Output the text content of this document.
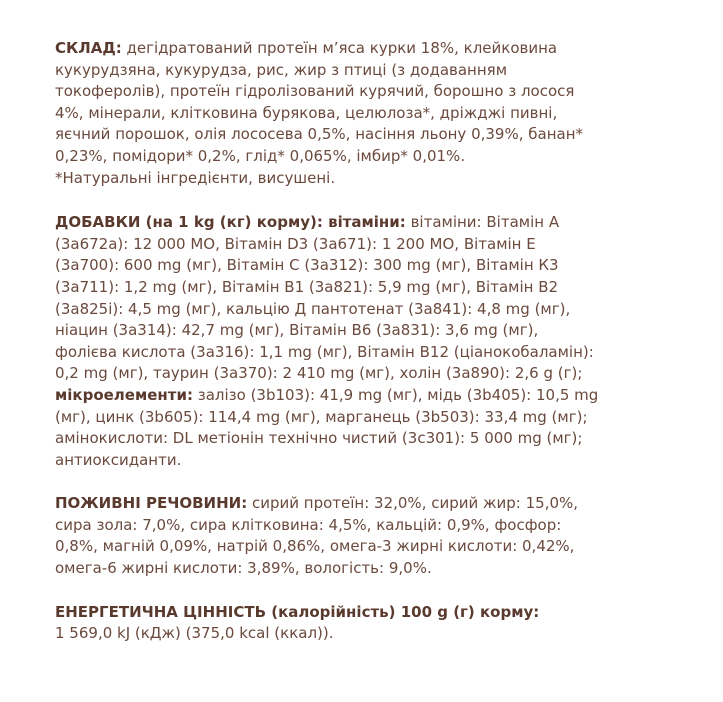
СКЛАД: дегідратований протеїн м’яса курки 18%, клейковина
кукурудзяна, кукурудза, рис, жир з птиці (з додаванням
токоферолів), протеїн гідролізований курячий, борошно з лосося
4%, мінерали, клітковина бурякова, целюлоза*, дріжджі пивні,
яєчний порошок, олія лососева 0,5%, насіння льону 0,39%, банан*
0,23%, помідори* 0,2%, глід* 0,065%, імбир* 0,01%.
*Натуральні інгредієнти, висушені.

ДОБАВКИ (на 1 kg (кг) корму): вітаміни: вітаміни: Вітамін А
(3a672a): 12 000 МО, Вітамін D3 (3a671): 1 200 МО, Вітамін Е
(3a700): 600 mg (мг), Вітамін С (3a312): 300 mg (мг), Вітамін К3
(3a711): 1,2 mg (мг), Вітамін В1 (3a821): 5,9 mg (мг), Вітамін В2
(3a825i): 4,5 mg (мг), кальцію Д пантотенат (3a841): 4,8 mg (мг),
ніацин (3a314): 42,7 mg (мг), Вітамін В6 (3a831): 3,6 mg (мг),
фолієва кислота (3a316): 1,1 mg (мг), Вітамін В12 (ціанокобаламін):
0,2 mg (мг), таурин (3a370): 2 410 mg (мг), холін (3a890): 2,6 g (г);
мікроелементи: залізо (3b103): 41,9 mg (мг), мідь (3b405): 10,5 mg
(мг), цинк (3b605): 114,4 mg (мг), марганець (3b503): 33,4 mg (мг);
амінокислоти: DL метіонін технічно чистий (3c301): 5 000 mg (мг);
антиоксиданти.

ПОЖИВНІ РЕЧОВИНИ: сирий протеїн: 32,0%, сирий жир: 15,0%,
сира зола: 7,0%, сира клітковина: 4,5%, кальцій: 0,9%, фосфор:
0,8%, магній 0,09%, натрій 0,86%, омега-3 жирні кислоти: 0,42%,
омега-6 жирні кислоти: 3,89%, вологість: 9,0%.

ЕНЕРГЕТИЧНА ЦІННІСТЬ (калорійність) 100 g (г) корму:
1 569,0 kJ (кДж) (375,0 kcal (ккал)).
